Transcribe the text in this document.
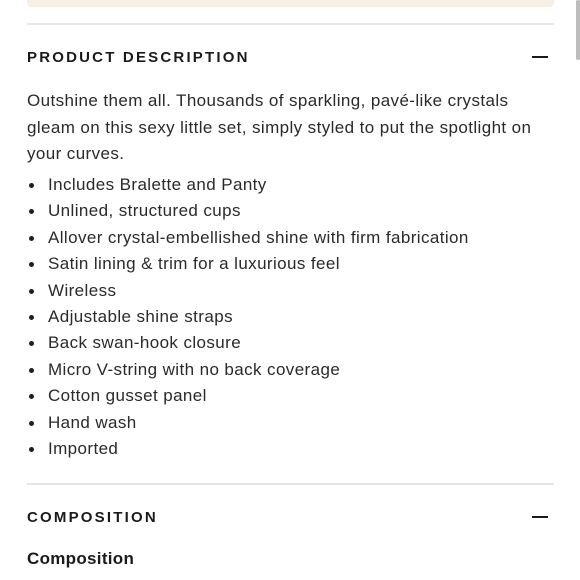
PRODUCT DESCRIPTION

Outshine them all. Thousands of sparkling, pavé-like crystals gleam on this sexy little set, simply styled to put the spotlight on your curves.

Includes Bralette and Panty
Unlined, structured cups
Allover crystal-embellished shine with firm fabrication
Satin lining & trim for a luxurious feel
Wireless
Adjustable shine straps
Back swan-hook closure
Micro V-string with no back coverage
Cotton gusset panel
Hand wash
Imported
COMPOSITION
Composition
